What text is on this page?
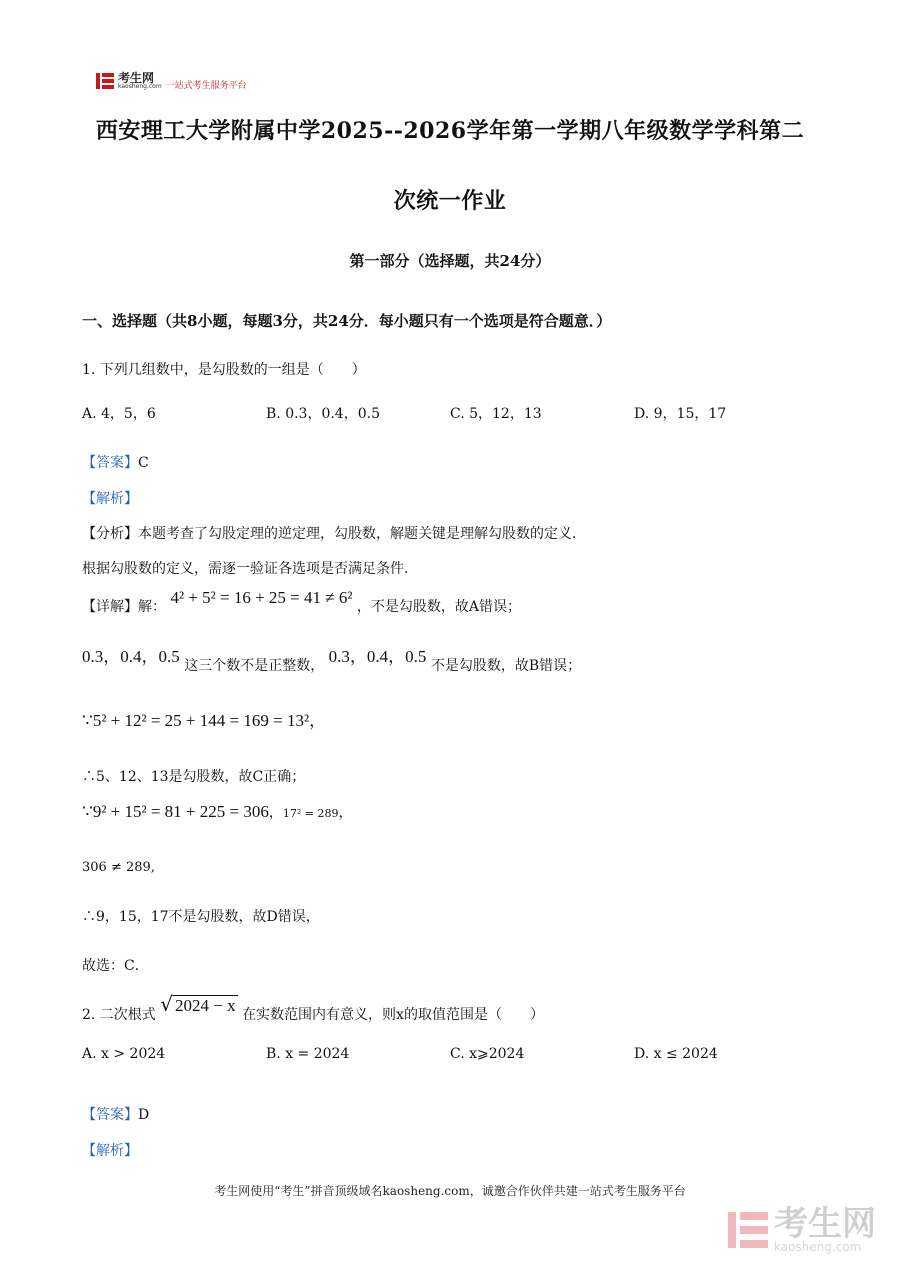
考生网
kaosheng.com 一站式考生服务平台
西安理工大学附属中学2025--2026学年第一学期八年级数学学科第二
次统一作业
第一部分（选择题，共24分）
一、选择题（共8小题，每题3分，共24分．每小题只有一个选项是符合题意．）
1. 下列几组数中，是勾股数的一组是（　　）
A. 4，5，6	B. 0.3，0.4，0.5	C. 5，12，13	D. 9，15，17
【答案】C
【解析】
【分析】本题考查了勾股定理的逆定理，勾股数，解题关键是理解勾股数的定义．
根据勾股数的定义，需逐一验证各选项是否满足条件．
【详解】解： 4² + 5² = 16 + 25 = 41 ≠ 6² ，不是勾股数，故A错误；
0.3，0.4，0.5 这三个数不是正整数， 0.3，0.4，0.5 不是勾股数，故B错误；
∵5² + 12² = 25 + 144 = 169 = 13²，
∴5、12、13是勾股数，故C正确；
∵9² + 15² = 81 + 225 = 306，17² = 289，
306 ≠ 289,
∴9，15，17不是勾股数，故D错误，
故选：C．
2. 二次根式 √ 2024 − x 在实数范围内有意义，则x的取值范围是（　　）
A. x > 2024	B. x = 2024	C. x⩾2024	D. x ≤ 2024
【答案】D
【解析】
考生网使用“考生”拼音顶级域名kaosheng.com，诚邀合作伙伴共建一站式考生服务平台
考生网
kaosheng.com
